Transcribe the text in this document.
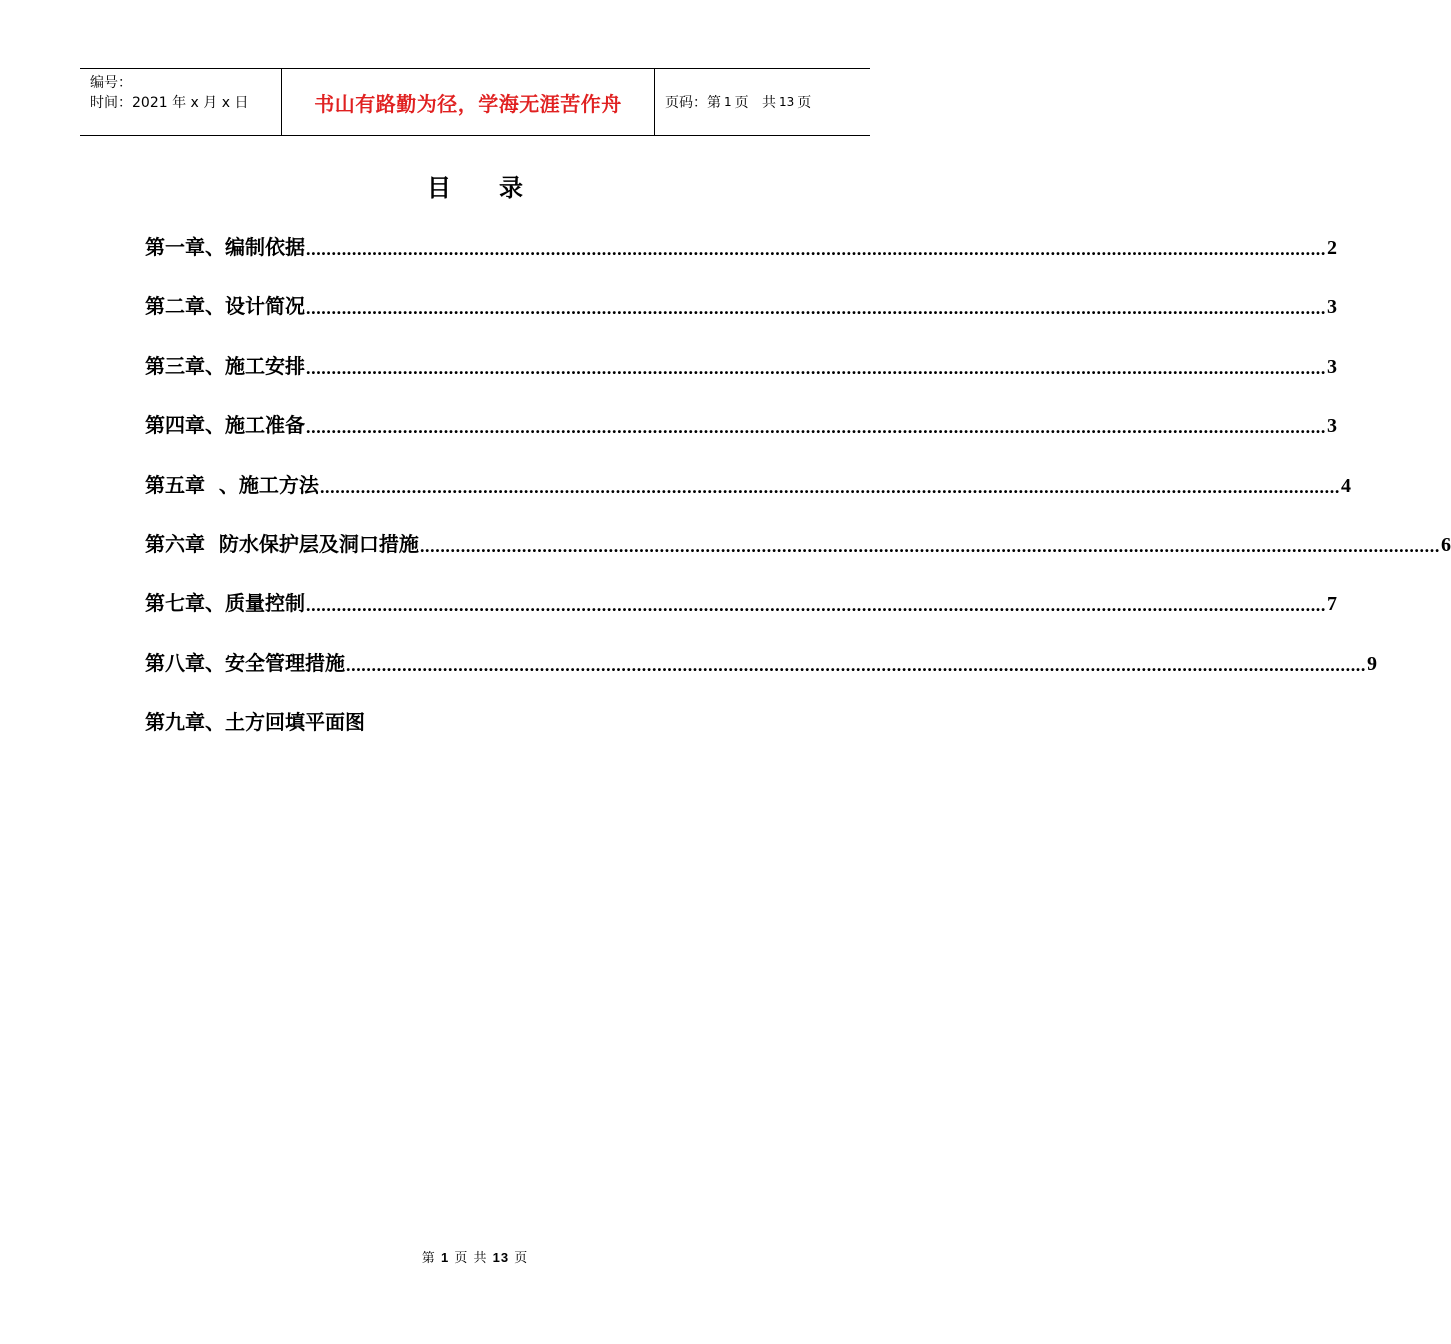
编号：
时间：2021 年 x 月 x 日	书山有路勤为径，学海无涯苦作舟	页码：第 1 页   共 13 页
目 录
第一章、编制依据 ........................................................................................................................................................................................................ 2
第二章、设计简况 ........................................................................................................................................................................................................ 3
第三章、施工安排 ........................................................................................................................................................................................................ 3
第四章、施工准备 ........................................................................................................................................................................................................ 3
第五章  、施工方法 ........................................................................................................................................................................................................ 4
第六章  防水保护层及洞口措施 ........................................................................................................................................................................................................ 6
第七章、质量控制 ........................................................................................................................................................................................................ 7
第八章、安全管理措施 ........................................................................................................................................................................................................ 9
第九章、土方回填平面图
第 1 页 共 13 页
